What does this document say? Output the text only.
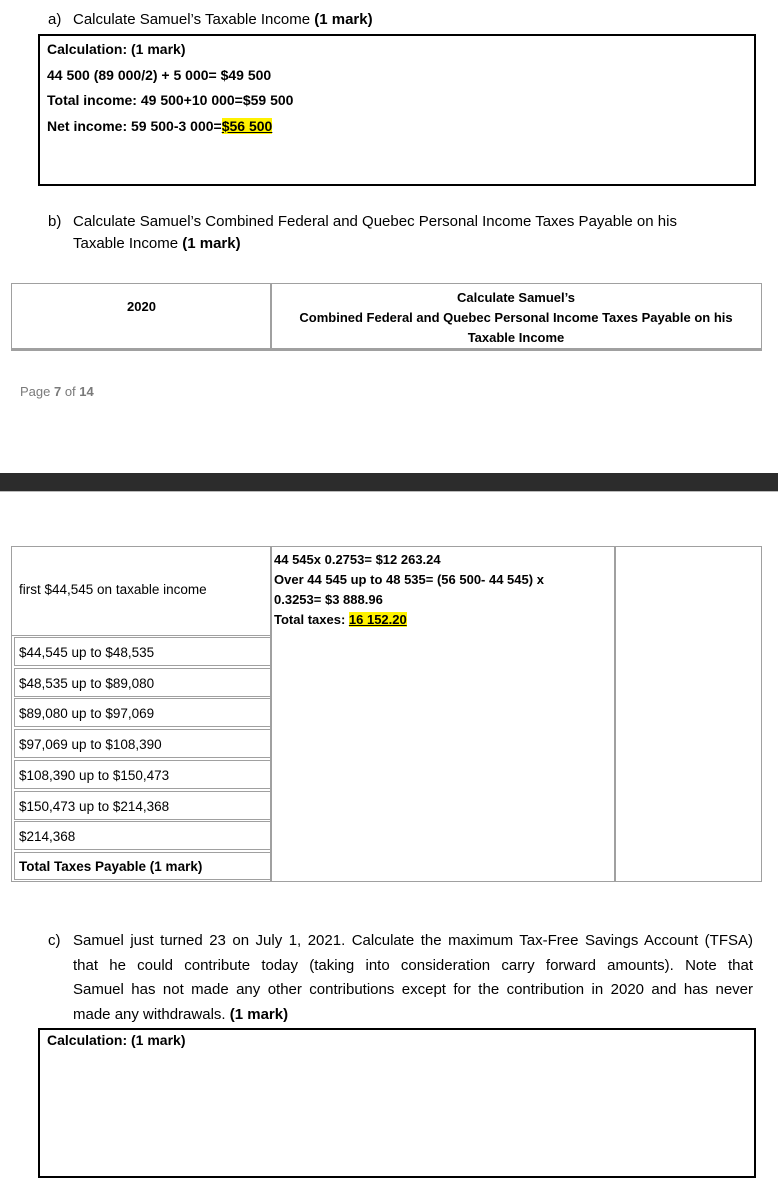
a) Calculate Samuel’s Taxable Income (1 mark)
Calculation: (1 mark)
44 500 (89 000/2) + 5 000= $49 500
Total income: 49 500+10 000=$59 500
Net income: 59 500-3 000=$56 500
b) Calculate Samuel’s Combined Federal and Quebec Personal Income Taxes Payable on his
Taxable Income (1 mark)
2020
Calculate Samuel’s
Combined Federal and Quebec Personal Income Taxes Payable on his
Taxable Income
Page 7 of 14
first $44,545 on taxable income
44 545x 0.2753= $12 263.24
Over 44 545 up to 48 535= (56 500- 44 545) x
0.3253= $3 888.96
Total taxes: 16 152.20
$44,545 up to $48,535
$48,535 up to $89,080
$89,080 up to $97,069
$97,069 up to $108,390
$108,390 up to $150,473
$150,473 up to $214,368
$214,368
Total Taxes Payable (1 mark)
c) Samuel just turned 23 on July 1, 2021. Calculate the maximum Tax-Free Savings Account (TFSA)
that he could contribute today (taking into consideration carry forward amounts). Note that
Samuel has not made any other contributions except for the contribution in 2020 and has never
made any withdrawals. (1 mark)
Calculation: (1 mark)
